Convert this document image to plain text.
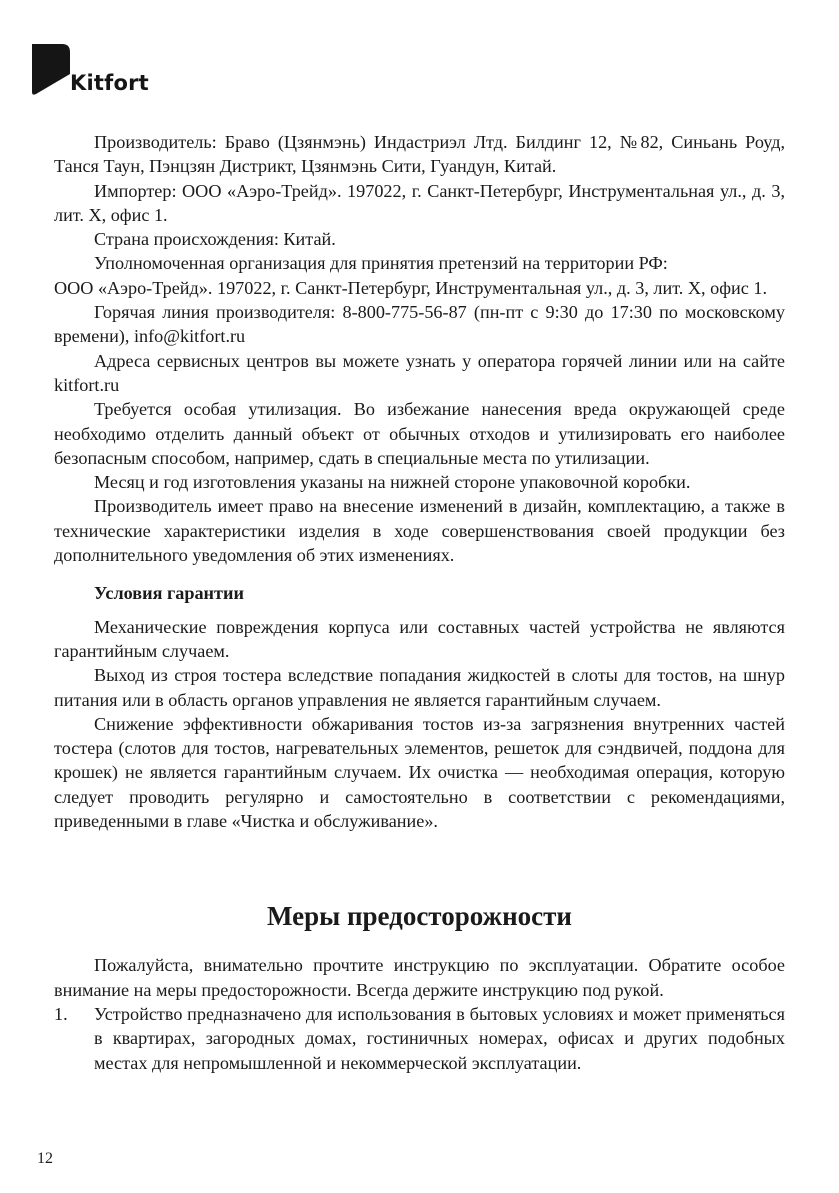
Kitfort

Производитель: Браво (Цзянмэнь) Индастриэл Лтд. Билдинг 12, №82, Синьань Роуд, Танся Таун, Пэнцзян Дистрикт, Цзянмэнь Сити, Гуандун, Китай.

Импортер: ООО «Аэро-Трейд». 197022, г. Санкт-Петербург, Инструментальная ул., д. 3, лит. Х, офис 1.

Страна происхождения: Китай.

Уполномоченная организация для принятия претензий на территории РФ:

ООО «Аэро-Трейд». 197022, г. Санкт-Петербург, Инструментальная ул., д. 3, лит. Х, офис 1.

Горячая линия производителя: 8-800-775-56-87 (пн-пт с 9:30 до 17:30 по московскому времени), info@kitfort.ru

Адреса сервисных центров вы можете узнать у оператора горячей линии или на сайте kitfort.ru

Требуется особая утилизация. Во избежание нанесения вреда окружающей среде необходимо отделить данный объект от обычных отходов и утилизировать его наиболее безопасным способом, например, сдать в специальные места по утилизации.

Месяц и год изготовления указаны на нижней стороне упаковочной коробки.

Производитель имеет право на внесение изменений в дизайн, комплектацию, а также в технические характеристики изделия в ходе совершенствования своей продукции без дополнительного уведомления об этих изменениях.

Условия гарантии

Механические повреждения корпуса или составных частей устройства не являются гарантийным случаем.

Выход из строя тостера вследствие попадания жидкостей в слоты для тостов, на шнур питания или в область органов управления не является гарантийным случаем.

Снижение эффективности обжаривания тостов из-за загрязнения внутренних частей тостера (слотов для тостов, нагревательных элементов, решеток для сэндвичей, поддона для крошек) не является гарантийным случаем. Их очистка — необходимая операция, которую следует проводить регулярно и самостоятельно в соответствии с рекомендациями, приведенными в главе «Чистка и обслуживание».

Меры предосторожности

Пожалуйста, внимательно прочтите инструкцию по эксплуатации. Обратите особое внимание на меры предосторожности. Всегда держите инструкцию под рукой.

1.	Устройство предназначено для использования в бытовых условиях и может применяться в квартирах, загородных домах, гостиничных номерах, офисах и других подобных местах для непромышленной и некоммерческой эксплуатации.
12
